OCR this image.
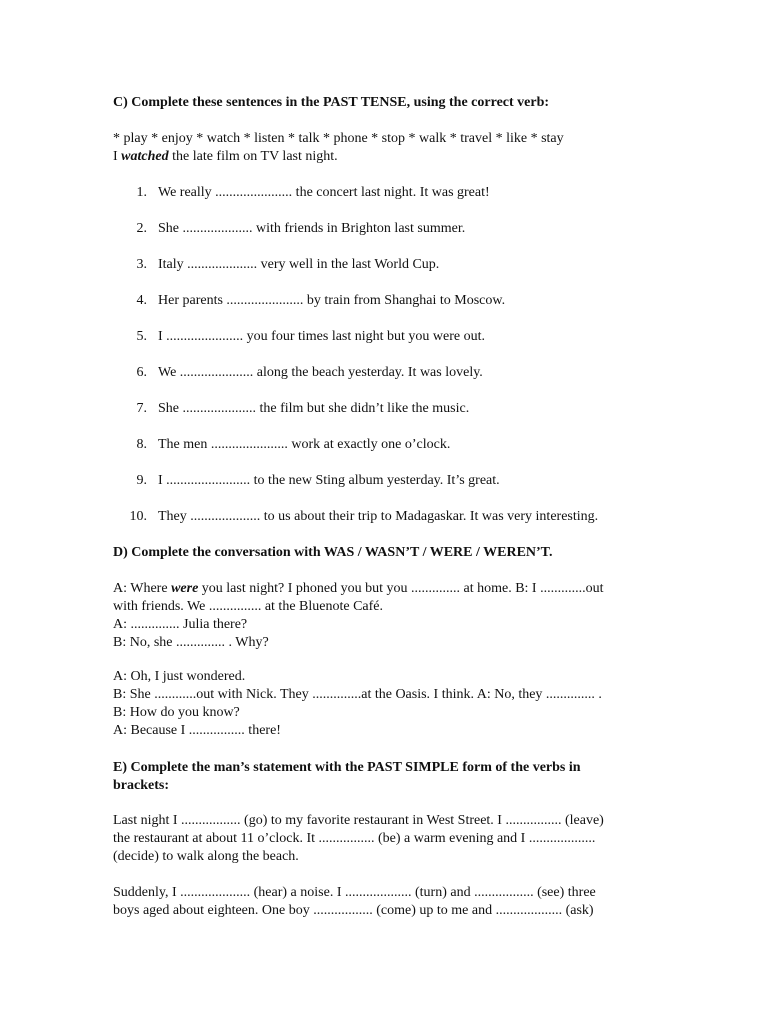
C) Complete these sentences in the PAST TENSE, using the correct verb:
* play * enjoy * watch * listen * talk * phone * stop * walk * travel * like * stay
I watched the late film on TV last night.
1. We really ...................... the concert last night. It was great!
2. She .................... with friends in Brighton last summer.
3. Italy .................... very well in the last World Cup.
4. Her parents ...................... by train from Shanghai to Moscow.
5. I ...................... you four times last night but you were out.
6. We ..................... along the beach yesterday. It was lovely.
7. She ..................... the film but she didn’t like the music.
8. The men ...................... work at exactly one o’clock.
9. I ........................ to the new Sting album yesterday. It’s great.
10. They .................... to us about their trip to Madagaskar. It was very interesting.
D) Complete the conversation with WAS / WASN’T / WERE / WEREN’T.
A: Where were you last night? I phoned you but you .............. at home. B: I .............out
with friends. We ............... at the Bluenote Café.
A: .............. Julia there?
B: No, she .............. . Why?
A: Oh, I just wondered.
B: She ............out with Nick. They ..............at the Oasis. I think. A: No, they .............. .
B: How do you know?
A: Because I ................ there!
E) Complete the man’s statement with the PAST SIMPLE form of the verbs in
brackets:
Last night I ................. (go) to my favorite restaurant in West Street. I ................ (leave)
the restaurant at about 11 o’clock. It ................ (be) a warm evening and I ...................
(decide) to walk along the beach.
Suddenly, I .................... (hear) a noise. I ................... (turn) and ................. (see) three
boys aged about eighteen. One boy ................. (come) up to me and ................... (ask)
